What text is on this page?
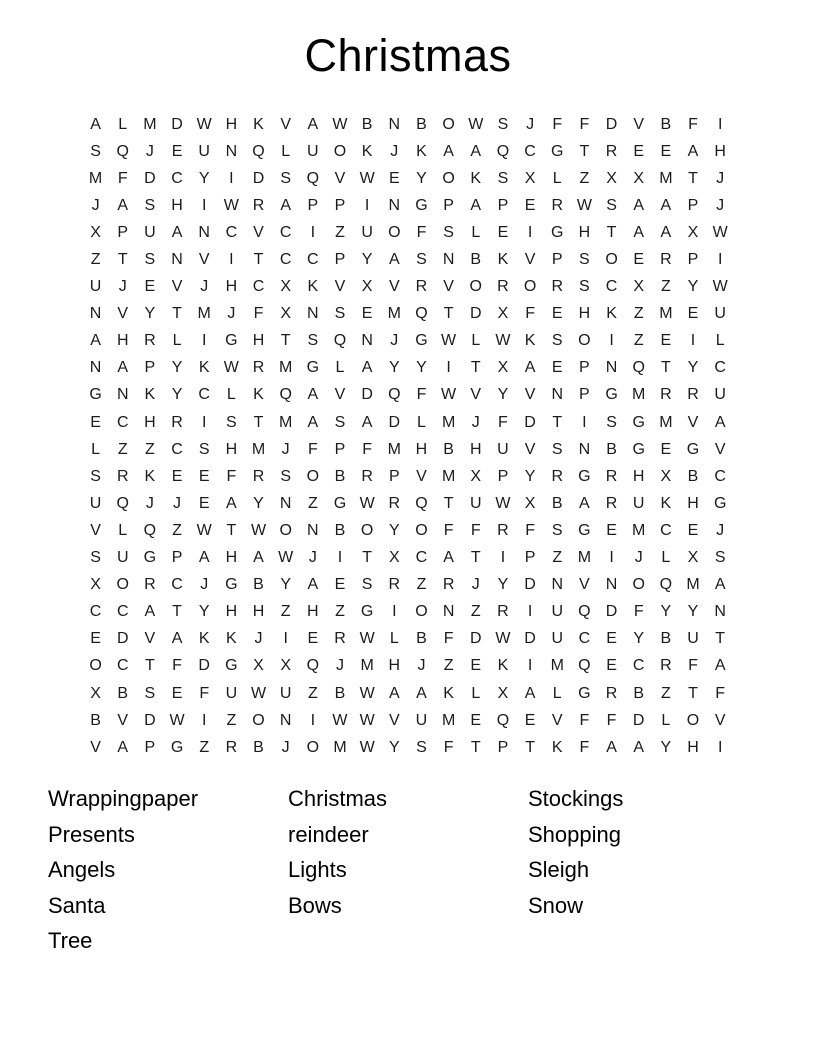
Christmas
A	L	M D W H	K	V	A W B	N	B O W S	J	F	F	D	V	B	F	I
S Q	J	E	U N Q	L	U O K	J	K	A	A Q C G	T	R	E	E	A	H
M F	D C	Y	I	D	S Q V W E	Y O K	S	X	L	Z	X	X M T	J
J	A	S	H	I	W R	A	P	P	I	N G P	A	P	E	R W S	A	A	P	J
X	P	U	A	N C	V	C	I	Z	U O	F	S	L	E	I	G H	T	A	A	X W
Z	T	S	N	V	I	T	C C	P	Y	A	S	N	B	K	V	P	S O E	R	P	I
U	J	E	V	J	H C	X	K	V	X	V	R	V O R O R	S	C	X	Z	Y W
N	V	Y	T M	J	F	X	N	S	E M Q	T	D	X	F	E	H	K	Z M E	U
A	H R	L	I	G H	T	S Q N	J	G W L W K	S O	I	Z	E	I	L
N	A	P	Y	K W R M G	L	A	Y	Y	I	T	X	A	E	P	N Q	T	Y	C
G N	K	Y	C	L	K Q A	V	D Q	F W V	Y	V	N	P G M R R U
E	C H R	I	S	T M A	S	A	D	L	M	J	F	D	T	I	S G M V	A
L	Z	Z	C	S	H M	J	F	P	F M H	B	H U	V	S	N	B G E G V
S	R	K	E	E	F	R	S O B	R	P	V M X	P	Y	R G R H	X	B	C
U Q	J	J	E	A	Y	N	Z	G W R Q	T	U W X	B	A	R U	K	H G
V	L	Q	Z W T W O N	B O Y O	F	F	R	F	S G E M C	E	J
S	U G P	A	H	A W J	I	T	X	C	A	T	I	P	Z M	I	J	L	X	S
X O R C	J	G B	Y	A	E	S	R	Z	R	J	Y	D N	V	N O Q M A
C C	A	T	Y	H H	Z	H	Z	G	I	O N	Z	R	I	U Q D	F	Y	Y	N
E	D	V	A	K	K	J	I	E	R W L	B	F	D W D U C	E	Y	B	U	T
O C	T	F	D G X	X Q	J	M H	J	Z	E	K	I	M Q E	C R	F	A
X	B	S	E	F	U W U	Z	B W A	A	K	L	X	A	L	G R	B	Z	T	F
B	V	D W	I	Z	O N	I	W W V	U M E Q E	V	F	F	D	L	O V
V	A	P G	Z	R	B	J	O M W Y	S	F	T	P	T	K	F	A	A	Y	H	I
Wrappingpaper
Presents
Angels
Santa
Tree
Christmas
reindeer
Lights
Bows
Stockings
Shopping
Sleigh
Snow
